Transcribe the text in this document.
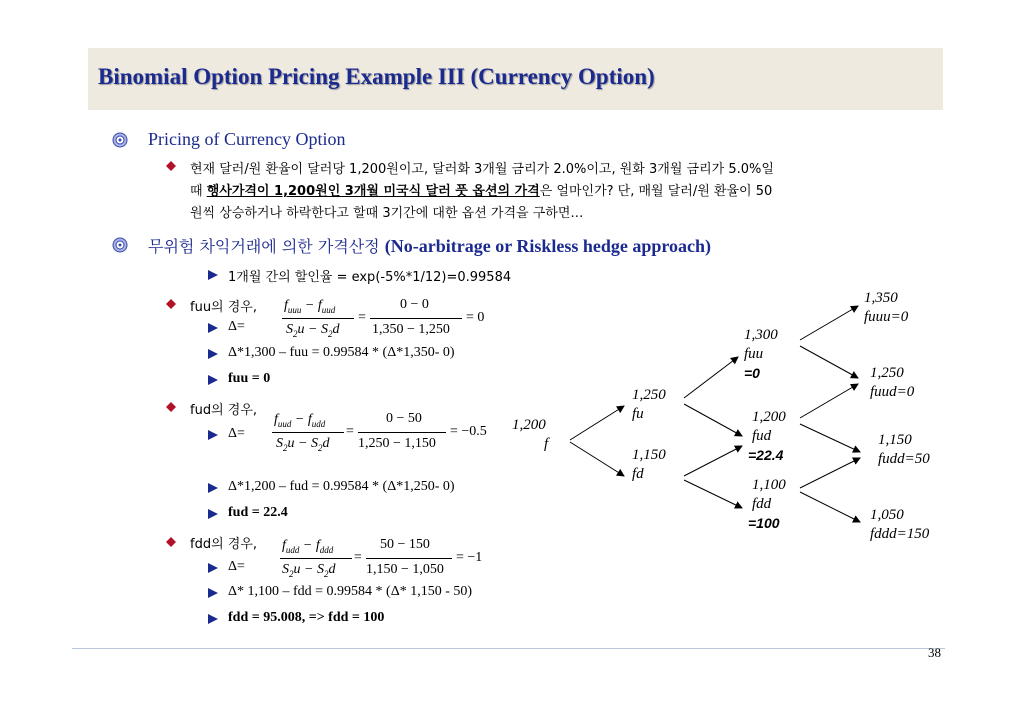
Binomial Option Pricing Example III (Currency Option)
Pricing of Currency Option
현재 달러/원 환율이 달러당 1,200원이고, 달러화 3개월 금리가 2.0%이고, 원화 3개월 금리가 5.0%일
때 행사가격이 1,200원인 3개월 미국식 달러 풋 옵션의 가격은 얼마인가? 단, 매월 달러/원 환율이 50
원씩 상승하거나 하락한다고 할때 3기간에 대한 옵션 가격을 구하면…
무위험 차익거래에 의한 가격산정 (No-arbitrage or Riskless hedge approach)
1개월 간의 할인율 = exp(-5%*1/12)=0.99584
fuu의 경우,
Δ=
$f_{uuu} - f_{uud}$
$S_2u - S_2d$
=
0 − 0
1,350 − 1,250
= 0
Δ*1,300 – fuu = 0.99584 * (Δ*1,350- 0)
fuu = 0
fud의 경우,
Δ=
$f_{uud} - f_{udd}$
$S_2u - S_2d$
=
0 − 50
1,250 − 1,150
= −0.5
Δ*1,200 – fud = 0.99584 * (Δ*1,250- 0)
fud = 22.4
fdd의 경우,
Δ=
$f_{udd} - f_{ddd}$
$S_2u - S_2d$
=
50 − 150
1,150 − 1,050
= −1
Δ* 1,100 – fdd = 0.99584 * (Δ* 1,150 - 50)
fdd = 95.008, => fdd = 100
1,200
f
1,250
fu
1,150
fd
1,300
fuu
=0
1,200
fud
=22.4
1,100
fdd
=100
1,350
fuuu=0
1,250
fuud=0
1,150
fudd=50
1,050
fddd=150
38
